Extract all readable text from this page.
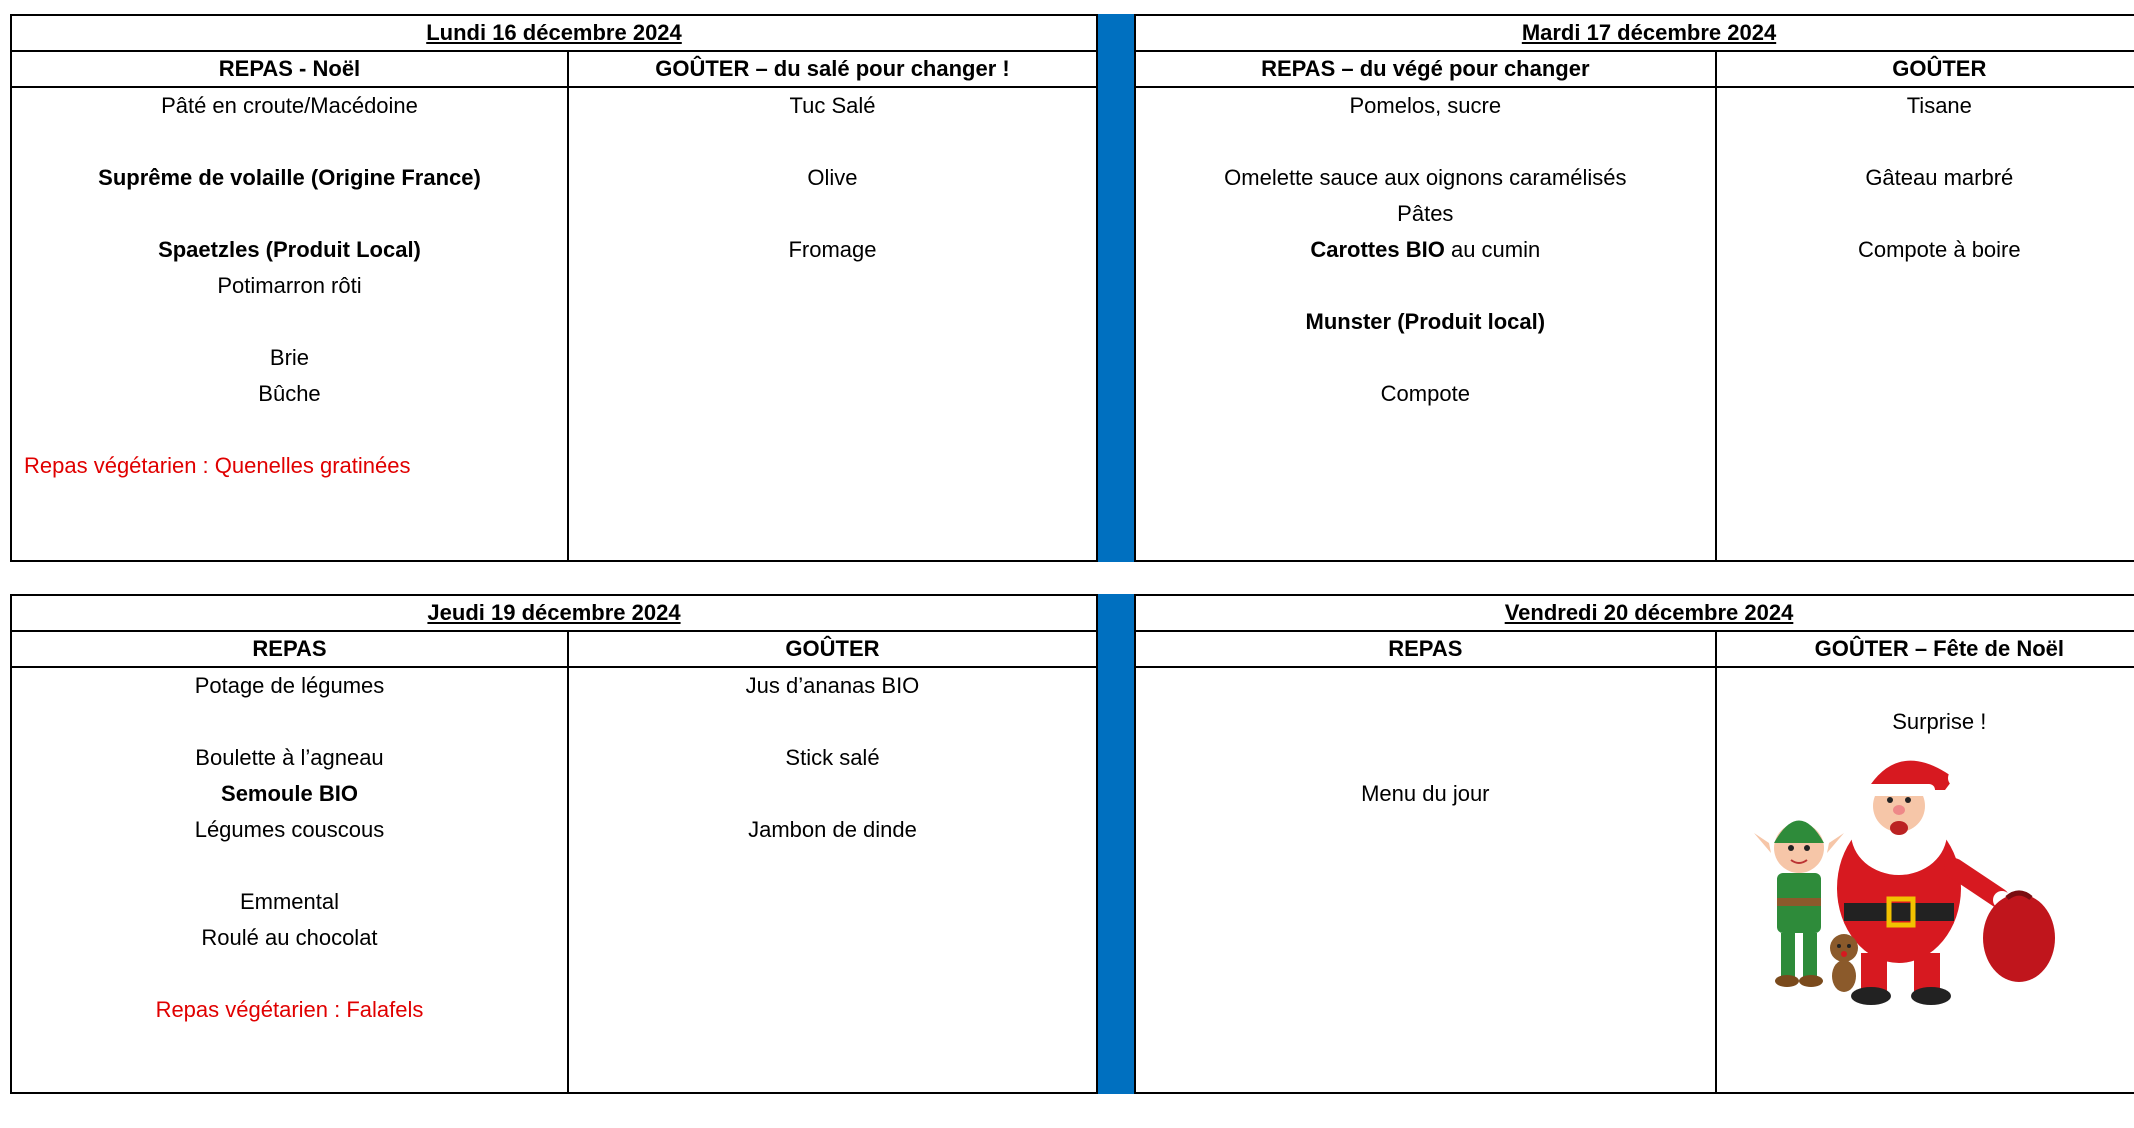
Lundi 16 décembre 2024
REPAS - Noël
Pâté en croute/Macédoine
Suprême de volaille (Origine France)
Spaetzles (Produit Local)
Potimarron rôti
Brie
Bûche
Repas végétarien : Quenelles gratinées
GOÛTER – du salé pour changer !
Tuc Salé
Olive
Fromage
Mardi 17 décembre 2024
REPAS – du végé pour changer
Pomelos, sucre
Omelette sauce aux oignons caramélisés
Pâtes
Carottes BIO au cumin
Munster (Produit local)
Compote
GOÛTER
Tisane
Gâteau marbré
Compote à boire
Jeudi 19 décembre 2024
REPAS
Potage de légumes
Boulette à l’agneau
Semoule BIO
Légumes couscous
Emmental
Roulé au chocolat
Repas végétarien : Falafels
GOÛTER
Jus d’ananas BIO
Stick salé
Jambon de dinde
Vendredi 20 décembre 2024
REPAS
Menu du jour
GOÛTER – Fête de Noël
Surprise !
